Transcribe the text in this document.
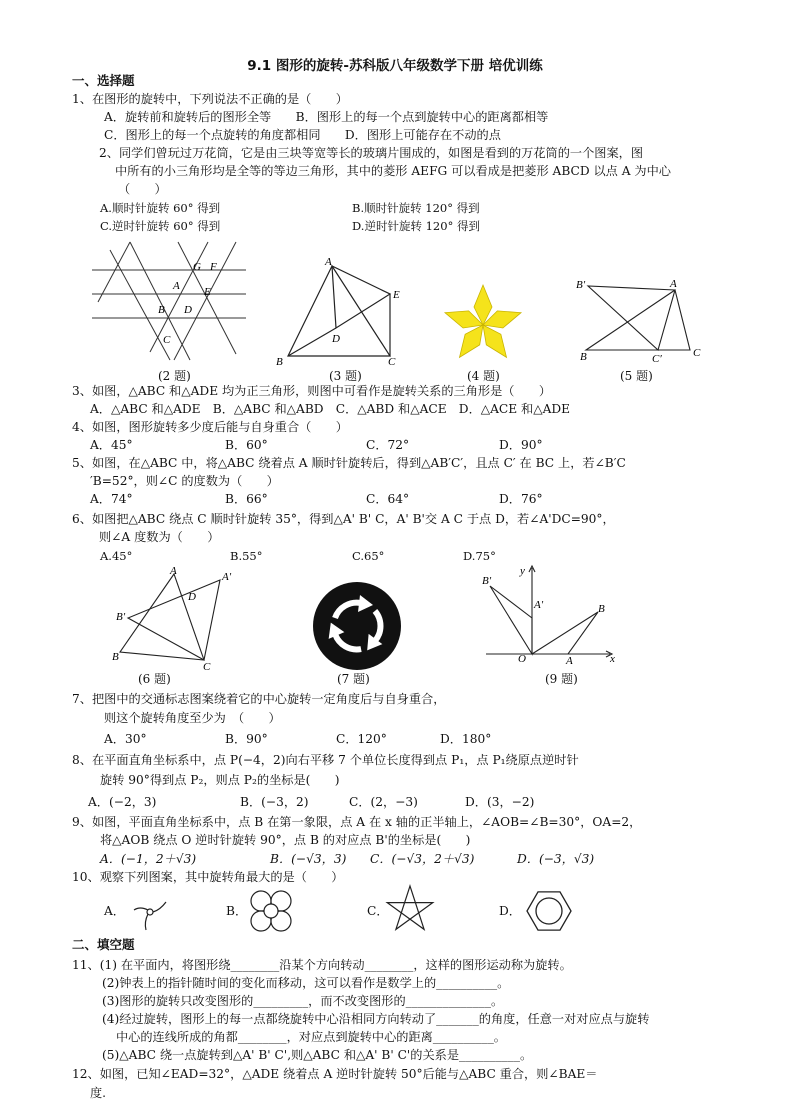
9.1 图形的旋转-苏科版八年级数学下册 培优训练
一、选择题
1、在图形的旋转中，下列说法不正确的是（　　）
A．旋转前和旋转后的图形全等　　B．图形上的每一个点到旋转中心的距离都相等
C．图形上的每一个点旋转的角度都相同　　D．图形上可能存在不动的点
2、同学们曾玩过万花筒，它是由三块等宽等长的玻璃片围成的，如图是看到的万花筒的一个图案，图
中所有的小三角形均是全等的等边三角形，其中的菱形 AEFG 可以看成是把菱形 ABCD 以点 A 为中心
（　　）
A.顺时针旋转 60° 得到	B.顺时针旋转 120° 得到
C.逆时针旋转 60° 得到	D.逆时针旋转 120° 得到
G F
A E
B D
C
(2 题)
A
E
D
B	C
(3 题)	(4 题)
B′	A
B	C′	C
(5 题)
3、如图，△ABC 和△ADE 均为正三角形，则图中可看作是旋转关系的三角形是（　　）
A．△ABC 和△ADE　B．△ABC 和△ABD　C．△ABD 和△ACE　D．△ACE 和△ADE
4、如图，图形旋转多少度后能与自身重合（　　）
A．45°	B．60°	C．72°	D．90°
5、如图，在△ABC 中，将△ABC 绕着点 A 顺时针旋转后，得到△AB′C′，且点 C′ 在 BC 上，若∠B′C
′B=52°，则∠C 的度数为（　　）
A．74°	B．66°	C．64°	D．76°
6、如图把△ABC 绕点 C 顺时针旋转 35°，得到△A' B' C，A' B'交 A C 于点 D，若∠A'DC=90°，
则∠A 度数为（　　）
A.45°	B.55°	C.65°	D.75°
A	A′
D
B′
B
C
(6 题)	(7 题)
y
B′
A′	B
O	A	x
(9 题)
7、把图中的交通标志图案绕着它的中心旋转一定角度后与自身重合，
则这个旋转角度至少为　（　　）
A．30°	B．90°	C．120°	D．180°
8、在平面直角坐标系中，点 P(−4，2)向右平移 7 个单位长度得到点 P₁，点 P₁绕原点逆时针
旋转 90°得到点 P₂，则点 P₂的坐标是(　　)
A．(−2，3)	B．(−3，2)	C．(2，−3)	D．(3，−2)
9、如图，平面直角坐标系中，点 B 在第一象限，点 A 在 x 轴的正半轴上，∠AOB=∠B=30°，OA=2，
将△AOB 绕点 O 逆时针旋转 90°，点 B 的对应点 B'的坐标是(　　)
A．(−1，2＋√3)	B．(−√3，3) C．(−√3，2＋√3)	D．(−3，√3)
10、观察下列图案，其中旋转角最大的是（　　）
A．	B．	C．	D．
二、填空题
11、(1) 在平面内，将图形绕________沿某个方向转动________，这样的图形运动称为旋转。
(2)钟表上的指针随时间的变化而移动，这可以看作是数学上的__________。
(3)图形的旋转只改变图形的_________，而不改变图形的______________。
(4)经过旋转，图形上的每一点都绕旋转中心沿相同方向转动了_______的角度，任意一对对应点与旋转
中心的连线所成的角都________，对应点到旋转中心的距离__________。
(5)△ABC 绕一点旋转到△A' B' C',则△ABC 和△A' B' C'的关系是__________。
12、如图，已知∠EAD=32°，△ADE 绕着点 A 逆时针旋转 50°后能与△ABC 重合，则∠BAE＝
度.
